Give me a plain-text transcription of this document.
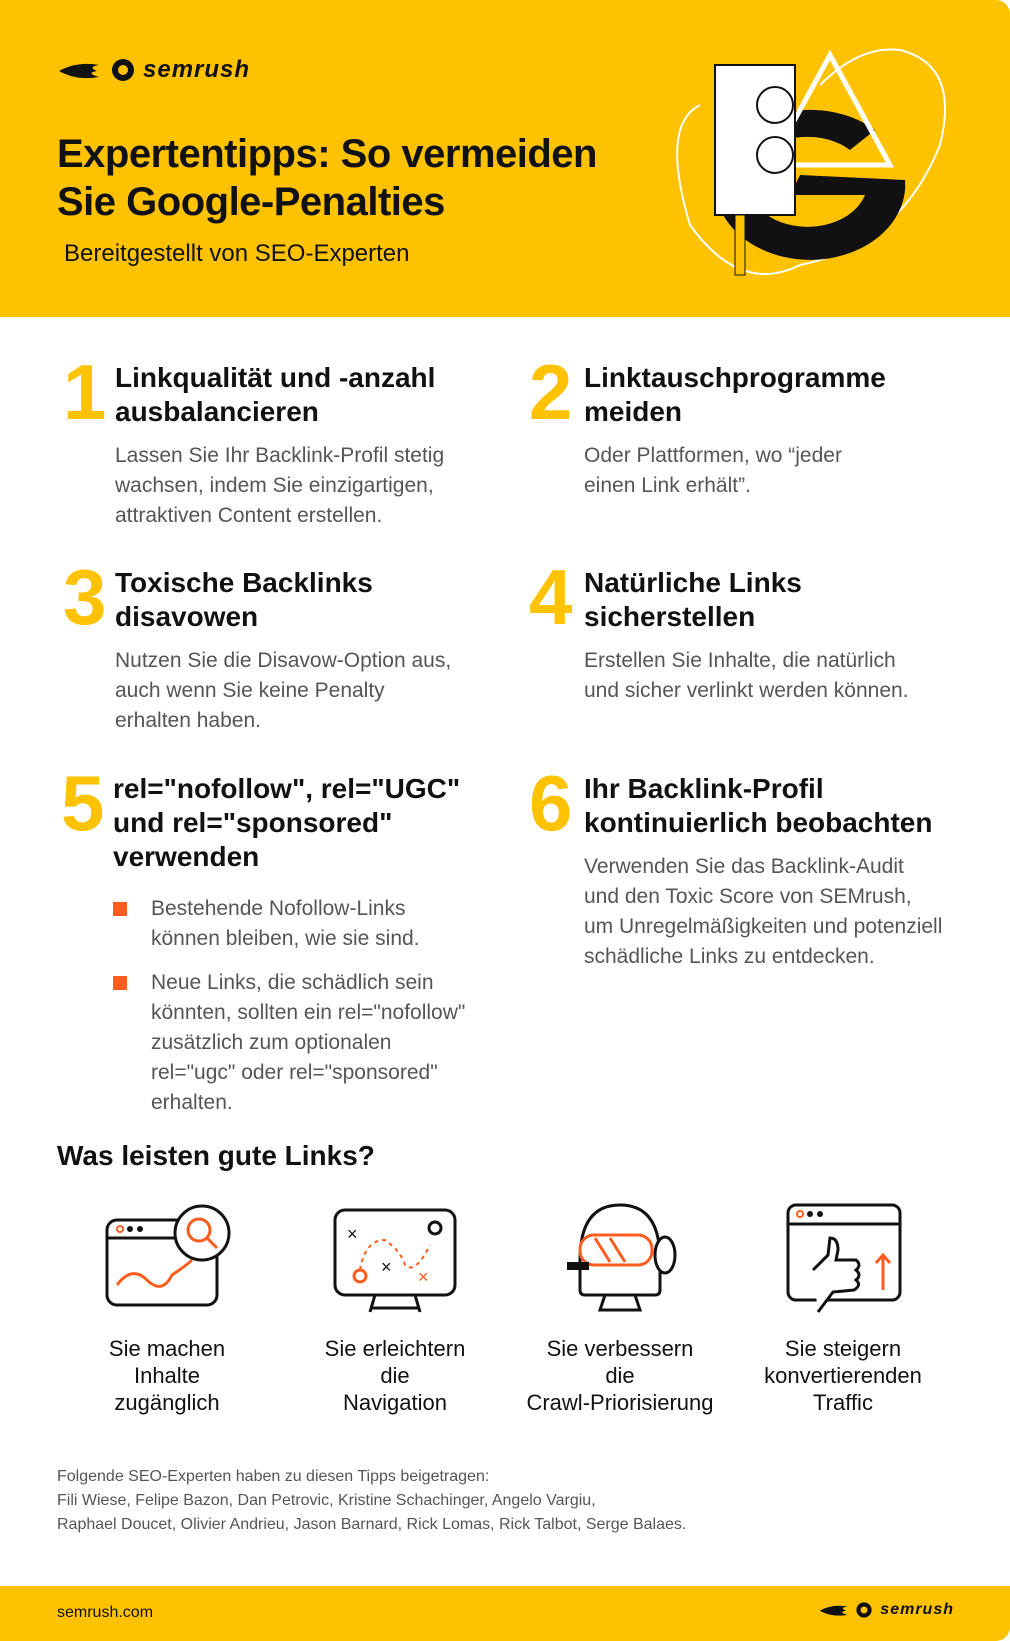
semrush
Expertentipps: So vermeiden
Sie Google-Penalties
Bereitgestellt von SEO-Experten
1 Linkqualität und -anzahl ausbalancieren

Lassen Sie Ihr Backlink-Profil stetig wachsen, indem Sie einzigartigen, attraktiven Content erstellen.

2 Linktauschprogramme meiden

Oder Plattformen, wo “jeder einen Link erhält”.

3 Toxische Backlinks disavowen

Nutzen Sie die Disavow-Option aus, auch wenn Sie keine Penalty erhalten haben.

4 Natürliche Links sicherstellen

Erstellen Sie Inhalte, die natürlich und sicher verlinkt werden können.

5 rel="nofollow", rel="UGC" und rel="sponsored" verwenden
Bestehende Nofollow-Links können bleiben, wie sie sind.
Neue Links, die schädlich sein könnten, sollten ein rel="nofollow" zusätzlich zum optionalen rel="ugc" oder rel="sponsored" erhalten.
6 Ihr Backlink-Profil kontinuierlich beobachten

Verwenden Sie das Backlink-Audit und den Toxic Score von SEMrush, um Unregelmäßigkeiten und potenziell schädliche Links zu entdecken.

Was leisten gute Links?
Sie machen
Inhalte
zugänglich
×
× ×
Sie erleichtern
die
Navigation
Sie verbessern
die
Crawl-Priorisierung
Sie steigern
konvertierenden
Traffic
Folgende SEO-Experten haben zu diesen Tipps beigetragen:
Fili Wiese, Felipe Bazon, Dan Petrovic, Kristine Schachinger, Angelo Vargiu,
Raphael Doucet, Olivier Andrieu, Jason Barnard, Rick Lomas, Rick Talbot, Serge Balaes.
semrush.com	semrush
